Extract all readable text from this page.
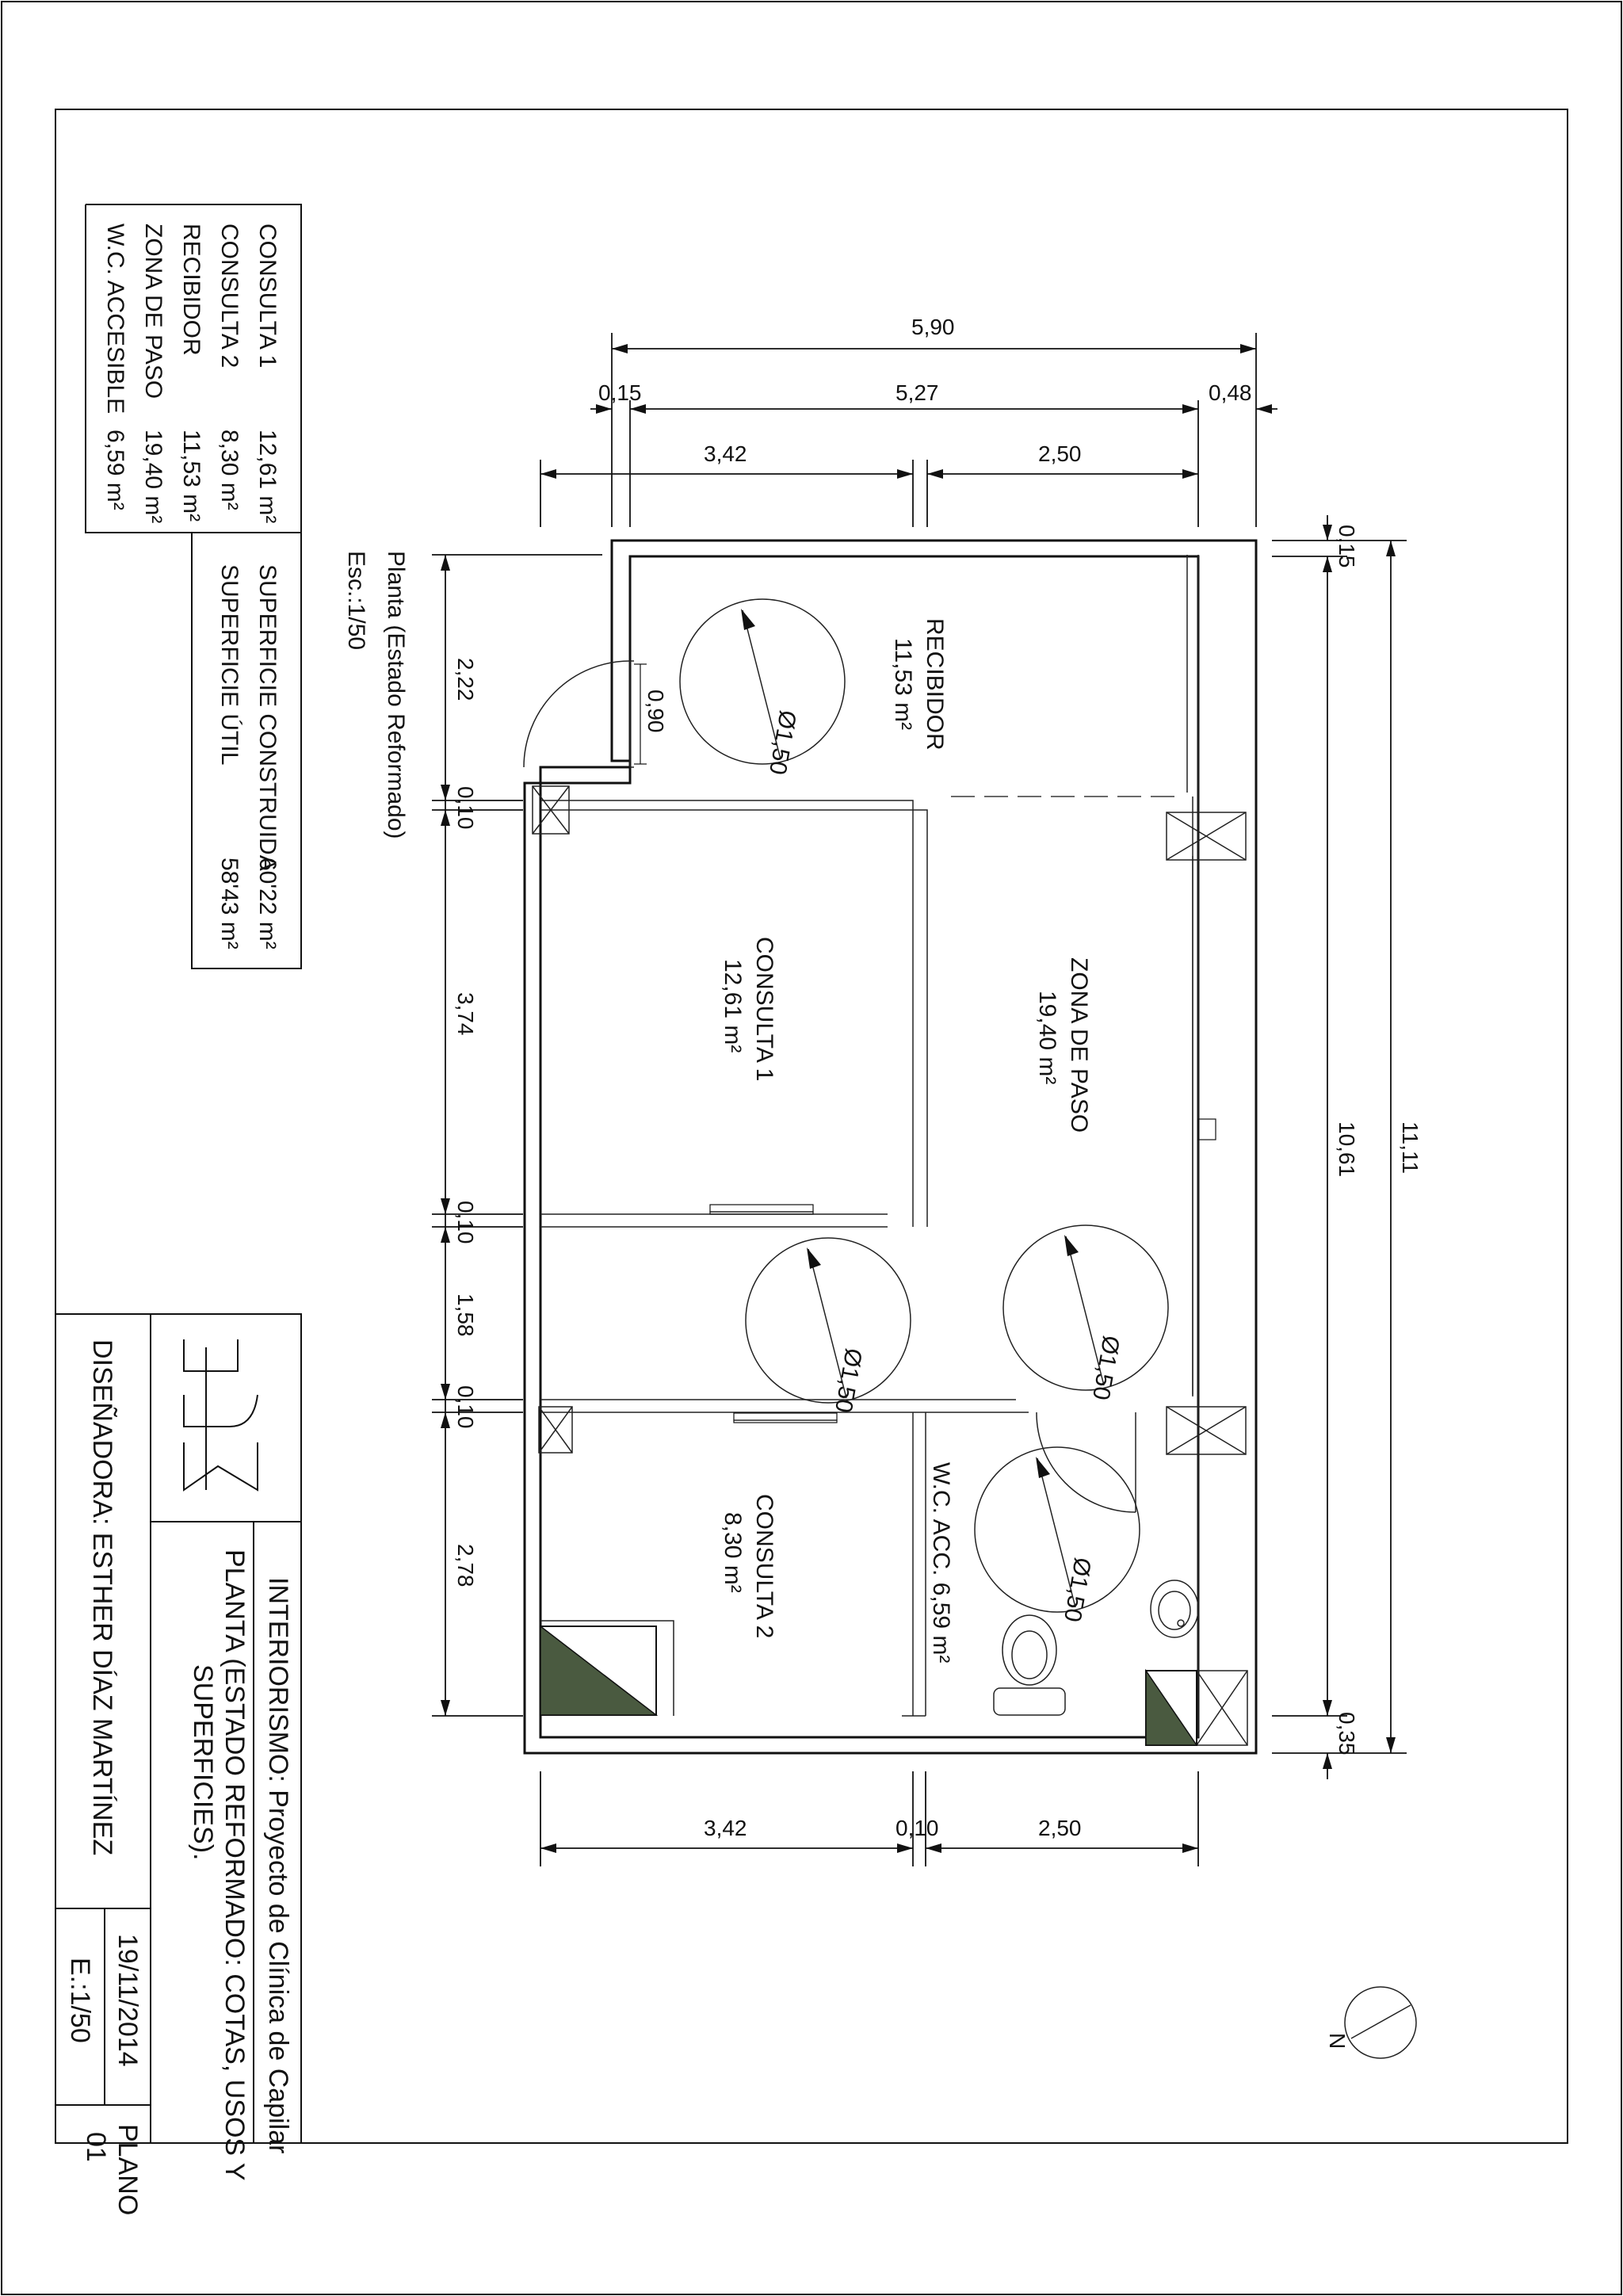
CONSULTA 1
12,61 m²
CONSULTA 2
8,30 m²
RECIBIDOR
11,53 m²
ZONA DE PASO
19,40 m²
W.C. ACCESIBLE
6,59 m²
SUPERFICIE CONSTRUIDA
60'22 m²
SUPERFICIE ÚTIL
58'43 m²
INTERIORISMO: Proyecto de Clínica de Capilar
PLANTA (ESTADO REFORMADO: COTAS, USOS Y
SUPERFICIES).
DISEÑADORA: ESTHER DÍAZ MARTÍNEZ
19/11/2014
E.:1/50
PLANO
01
Planta (Estado Reformado)
Esc.:1/50
Ø1,50
Ø1,50	Ø1,50
Ø1,50
0,90	RECIBIDOR
11,53 m²
ZONA DE PASO
19,40 m²
CONSULTA 1
12,61 m²
CONSULTA 2
8,30 m²	W.C. ACC. 6,59 m²
5,90
0,15	5,27	0,48
3,42	2,50
3,42	0,10	2,50
2,22
0,10
3,74
0,10
1,58
0,10
2,78
11,11
10,61
0,15
0,35
N
